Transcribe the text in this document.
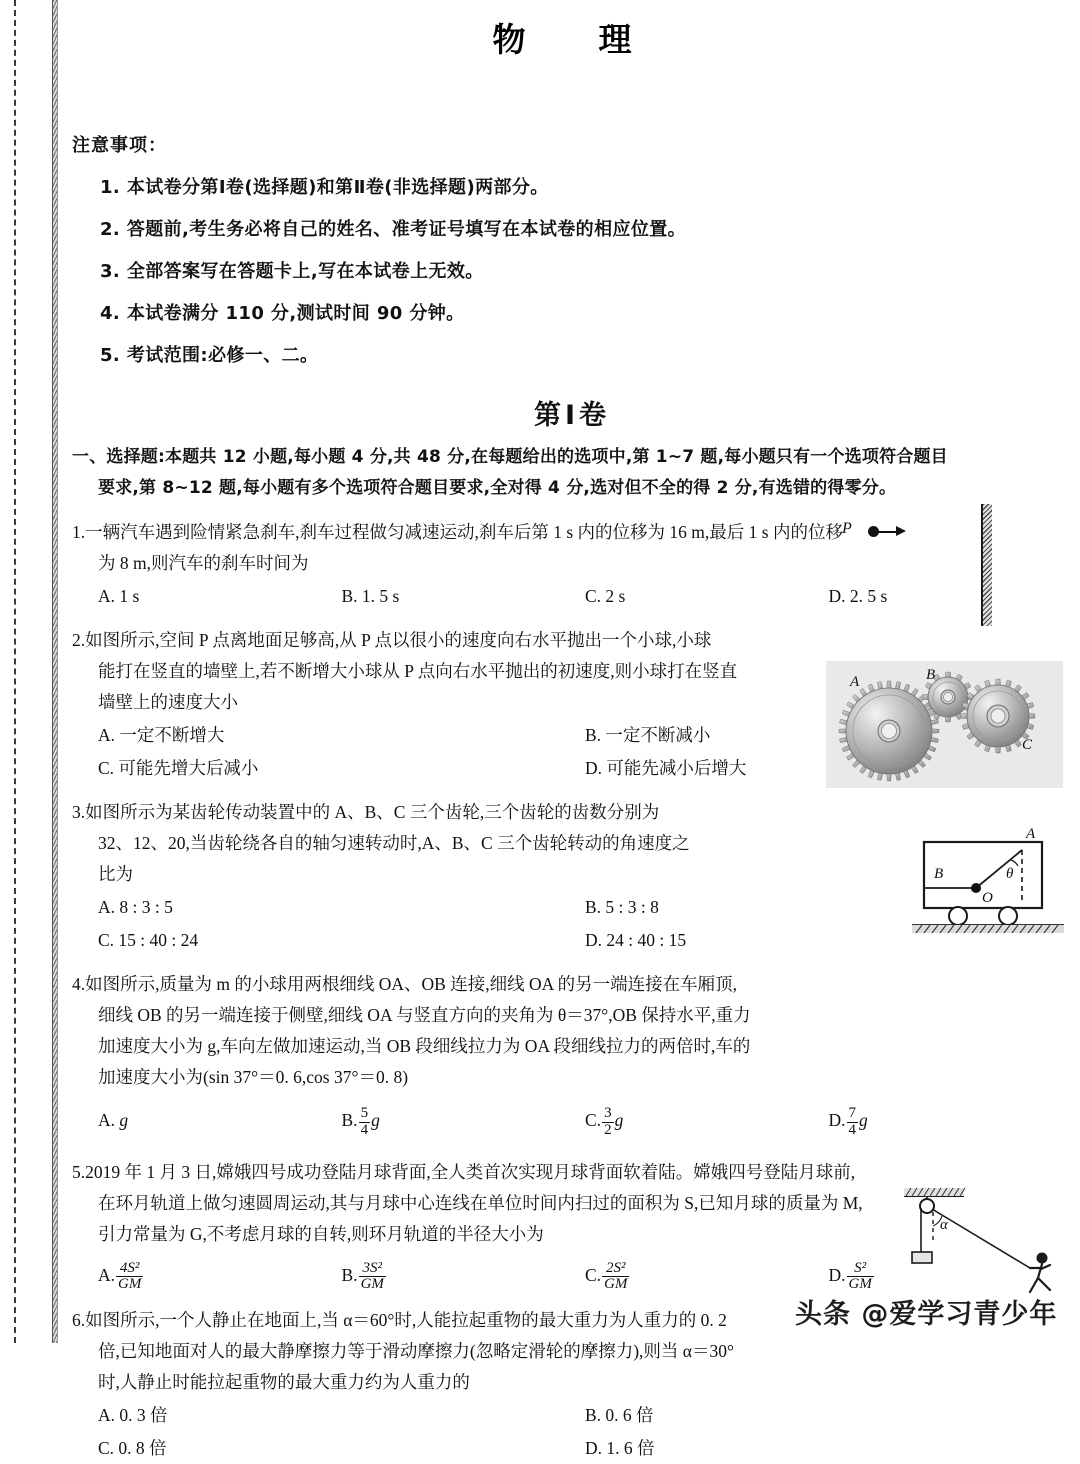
物　理
注意事项：
1. 本试卷分第Ⅰ卷(选择题)和第Ⅱ卷(非选择题)两部分。
2. 答题前,考生务必将自己的姓名、准考证号填写在本试卷的相应位置。
3. 全部答案写在答题卡上,写在本试卷上无效。
4. 本试卷满分 110 分,测试时间 90 分钟。
5. 考试范围:必修一、二。
第Ⅰ卷
一、选择题:本题共 12 小题,每小题 4 分,共 48 分,在每题给出的选项中,第 1~7 题,每小题只有一个选项符合题目
要求,第 8~12 题,每小题有多个选项符合题目要求,全对得 4 分,选对但不全的得 2 分,有选错的得零分。
1.一辆汽车遇到险情紧急刹车,刹车过程做匀减速运动,刹车后第 1 s 内的位移为 16 m,最后 1 s 内的位移
为 8 m,则汽车的刹车时间为
A. 1 s	B. 1. 5 s	C. 2 s	D. 2. 5 s
2.如图所示,空间 P 点离地面足够高,从 P 点以很小的速度向右水平抛出一个小球,小球
能打在竖直的墙壁上,若不断增大小球从 P 点向右水平抛出的初速度,则小球打在竖直
墙壁上的速度大小
A. 一定不断增大	B. 一定不断减小
C. 可能先增大后减小	D. 可能先减小后增大
3.如图所示为某齿轮传动装置中的 A、B、C 三个齿轮,三个齿轮的齿数分别为
32、12、20,当齿轮绕各自的轴匀速转动时,A、B、C 三个齿轮转动的角速度之
比为
A. 8 : 3 : 5	B. 5 : 3 : 8
C. 15 : 40 : 24	D. 24 : 40 : 15
4.如图所示,质量为 m 的小球用两根细线 OA、OB 连接,细线 OA 的另一端连接在车厢顶,
细线 OB 的另一端连接于侧壁,细线 OA 与竖直方向的夹角为 θ＝37°,OB 保持水平,重力
加速度大小为 g,车向左做加速运动,当 OB 段细线拉力为 OA 段细线拉力的两倍时,车的
加速度大小为(sin 37°＝0. 6,cos 37°＝0. 8)
A. g	B. $\frac{5}{4}$ g	C. $\frac{3}{2}$ g	D. $\frac{7}{4}$ g
5.2019 年 1 月 3 日,嫦娥四号成功登陆月球背面,全人类首次实现月球背面软着陆。嫦娥四号登陆月球前,
在环月轨道上做匀速圆周运动,其与月球中心连线在单位时间内扫过的面积为 S,已知月球的质量为 M,
引力常量为 G,不考虑月球的自转,则环月轨道的半径大小为
A. $\frac{\text{4S²}}{GM}$	B. $\frac{\text{3S²}}{GM}$	C. $\frac{\text{2S²}}{GM}$	D. $\frac{\text{S²}}{GM}$
6.如图所示,一个人静止在地面上,当 α＝60°时,人能拉起重物的最大重力为人重力的 0. 2
倍,已知地面对人的最大静摩擦力等于滑动摩擦力(忽略定滑轮的摩擦力),则当 α＝30°
时,人静止时能拉起重物的最大重力约为人重力的
A. 0. 3 倍	B. 0. 6 倍
C. 0. 8 倍	D. 1. 6 倍
P
A	B
C
A
B
O
θ
α
头条 @爱学习青少年
